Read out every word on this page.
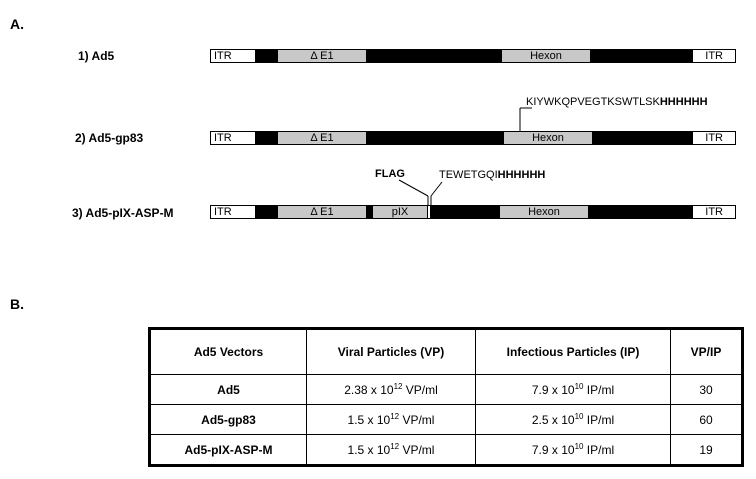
A.
1) Ad5	ITR	Δ E1	Hexon	ITR
KIYWKQPVEGTKSWTLSKHHHHHH
2) Ad5-gp83	ITR	Δ E1	Hexon	ITR
FLAG	TEWETGQIHHHHHH
3) Ad5-pIX-ASP-M	ITR	Δ E1	pIX	Hexon	ITR
B.
Ad5 Vectors	Viral Particles (VP)	Infectious Particles (IP)	VP/IP
Ad5	2.38 x $10^{12}$ VP/ml	7.9 x $10^{10}$ IP/ml	30
Ad5-gp83	1.5 x $10^{12}$ VP/ml	2.5 x $10^{10}$ IP/ml	60
Ad5-pIX-ASP-M	1.5 x $10^{12}$ VP/ml	7.9 x $10^{10}$ IP/ml	19
